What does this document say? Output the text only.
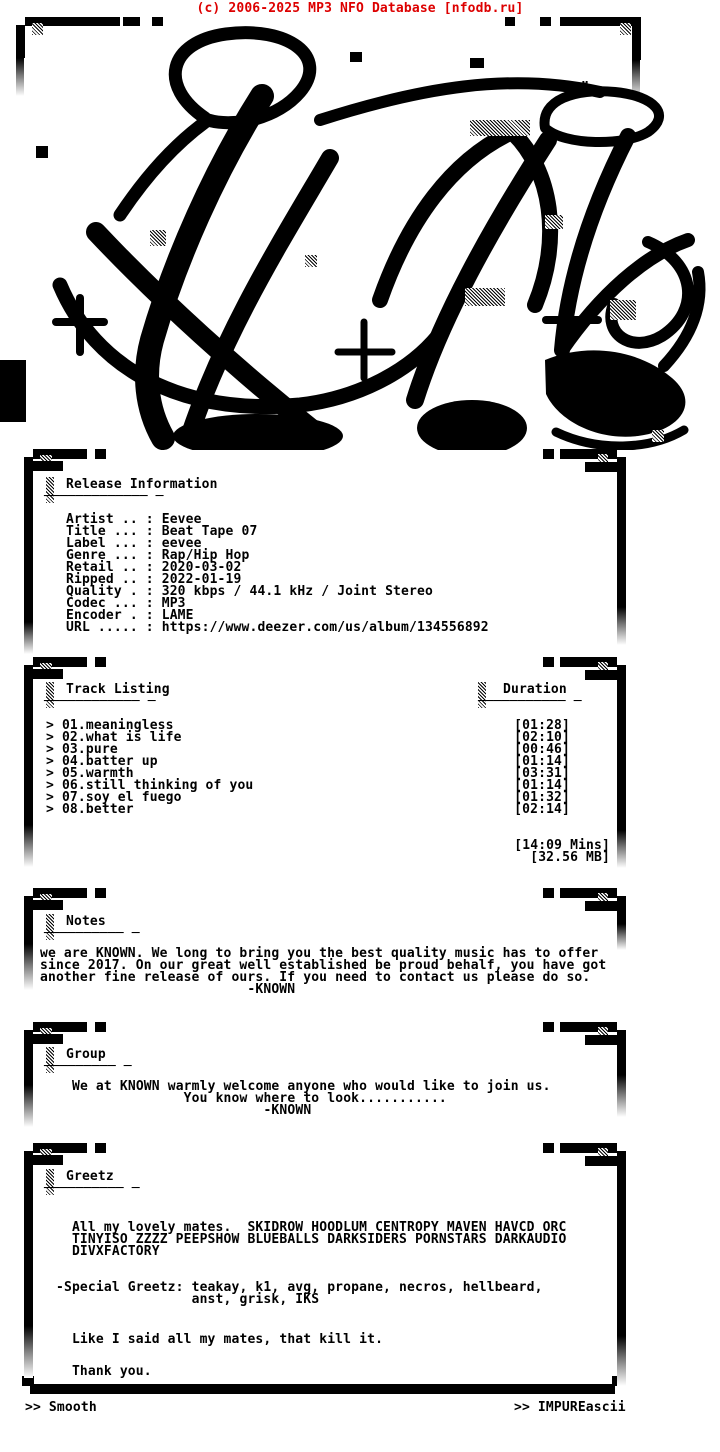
(c) 2006-2025 MP3 NFO Database [nfodb.ru]
sM
Release Information
───────────── ─
Artist .. : Eevee
Title ... : Beat Tape 07
Label ... : eevee
Genre ... : Rap/Hip Hop
Retail .. : 2020-03-02
Ripped .. : 2022-01-19
Quality . : 320 kbps / 44.1 kHz / Joint Stereo
Codec ... : MP3
Encoder . : LAME
URL ..... : https://www.deezer.com/us/album/134556892
Track Listing
──────────── ─
Duration
─────────── ─
> 01.meaningless
> 02.what is life
> 03.pure
> 04.batter up
> 05.warmth
> 06.still thinking of you
> 07.soy el fuego
> 08.better
[01:28]
[02:10]
[00:46]
[01:14]
[03:31]
[01:14]
[01:32]
[02:14]
[14:09 Mins]
[32.56 MB]
Notes
────────── ─
we are KNOWN. We long to bring you the best quality music has to offer
since 2017. On our great well established be proud behalf, you have got
another fine release of ours. If you need to contact us please do so.
-KNOWN
Group
───────── ─
We at KNOWN warmly welcome anyone who would like to join us.
You know where to look...........
-KNOWN
Greetz
────────── ─
All my lovely mates.  SKIDROW HOODLUM CENTROPY MAVEN HAVCD ORC
TINYISO ZZZZ PEEPSHOW BLUEBALLS DARKSIDERS PORNSTARS DARKAUDIO
DIVXFACTORY
-Special Greetz: teakay, k1, avg, propane, necros, hellbeard,
anst, grisk, IKS
Like I said all my mates, that kill it.
Thank you.
>> Smooth	>> IMPUREascii
